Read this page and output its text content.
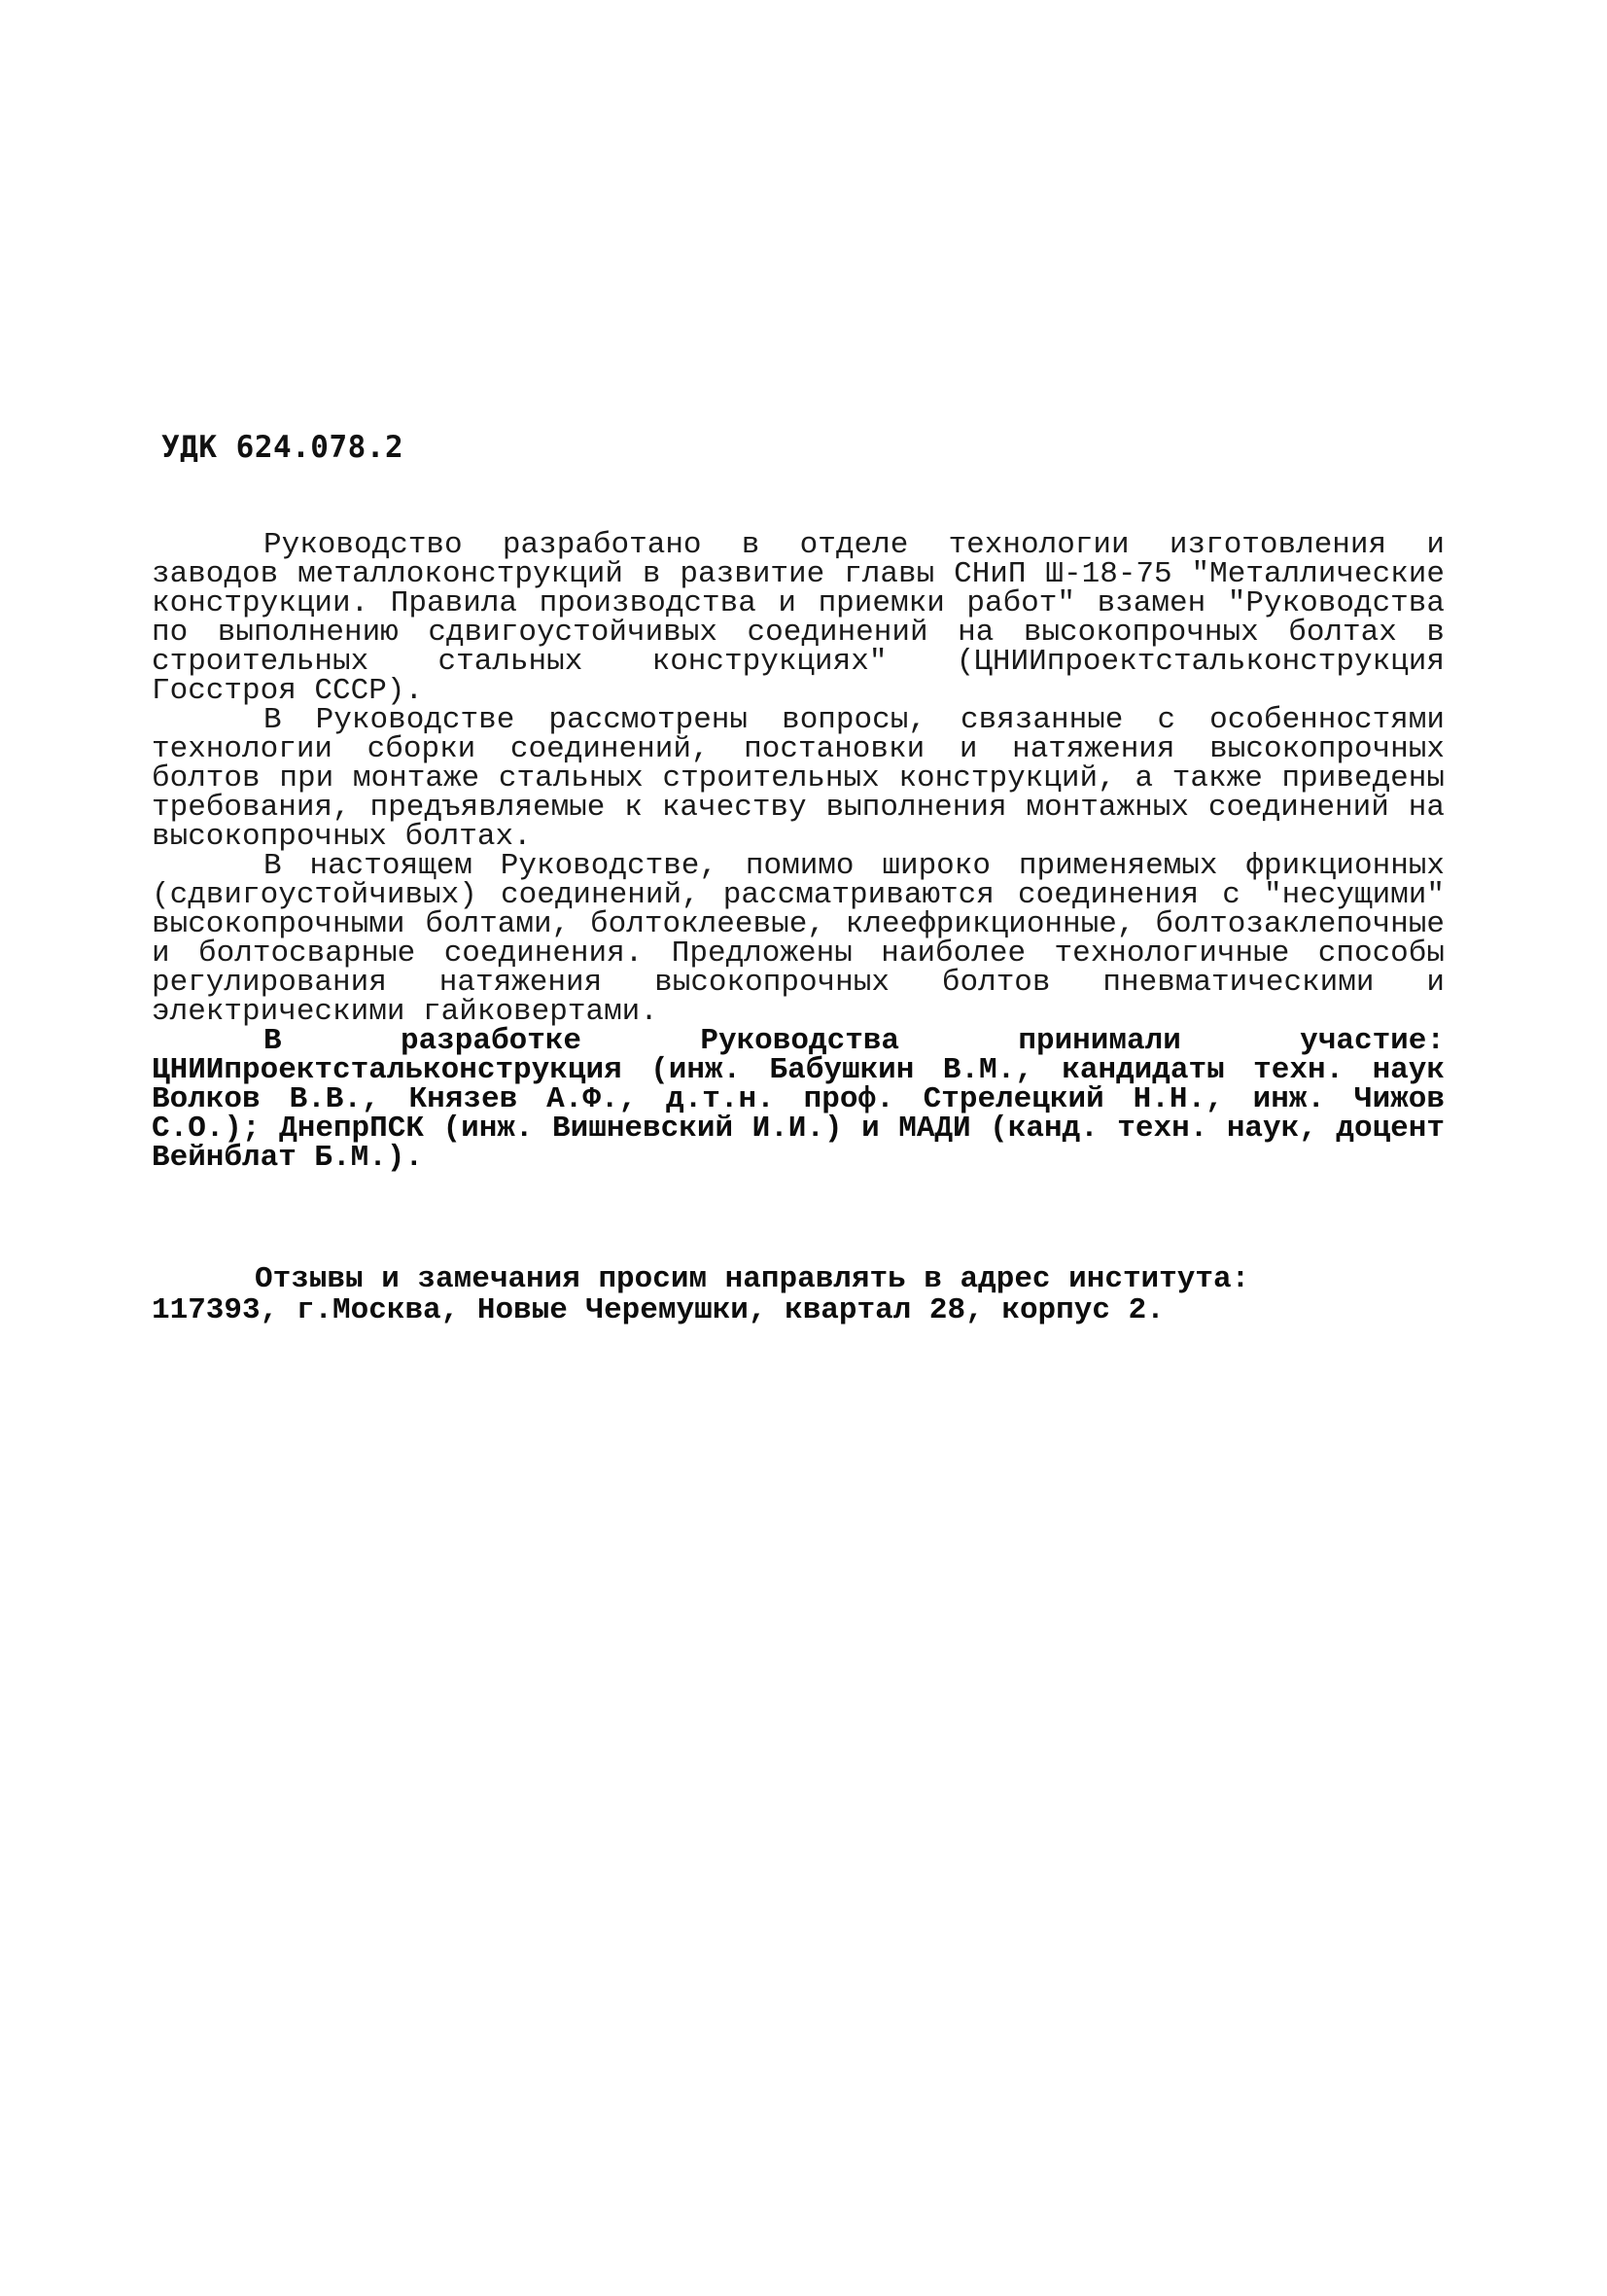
УДК 624.078.2

Руководство разработано в отделе технологии изготовления и заводов металлоконструкций в развитие главы СНиП Ш-18-75 "Металлические конструкции. Правила производства и приемки работ" взамен "Руководства по выполнению сдвигоустойчивых соединений на высокопрочных болтах в строительных стальных конструкциях" (ЦНИИпроектстальконструкция Госстроя СССР).

В Руководстве рассмотрены вопросы, связанные с особенностями технологии сборки соединений, постановки и натяжения высокопрочных болтов при монтаже стальных строительных конструкций, а также приведены требования, предъявляемые к качеству выполнения монтажных соединений на высокопрочных болтах.

В настоящем Руководстве, помимо широко применяемых фрикционных (сдвигоустойчивых) соединений, рассматриваются соединения с "несущими" высокопрочными болтами, болтоклеевые, клеефрикционные, болтозаклепочные и болтосварные соединения. Предложены наиболее технологичные способы регулирования натяжения высокопрочных болтов пневматическими и электрическими гайковертами.

В разработке Руководства принимали участие: ЦНИИпроектстальконструкция (инж. Бабушкин В.М., кандидаты техн. наук Волков В.В., Князев А.Ф., д.т.н. проф. Стрелецкий Н.Н., инж. Чижов С.О.); ДнепрПСК (инж. Вишневский И.И.) и МАДИ (канд. техн. наук, доцент Вейнблат Б.М.).

Отзывы и замечания просим направлять в адрес института:

117393, г.Москва, Новые Черемушки, квартал 28, корпус 2.
